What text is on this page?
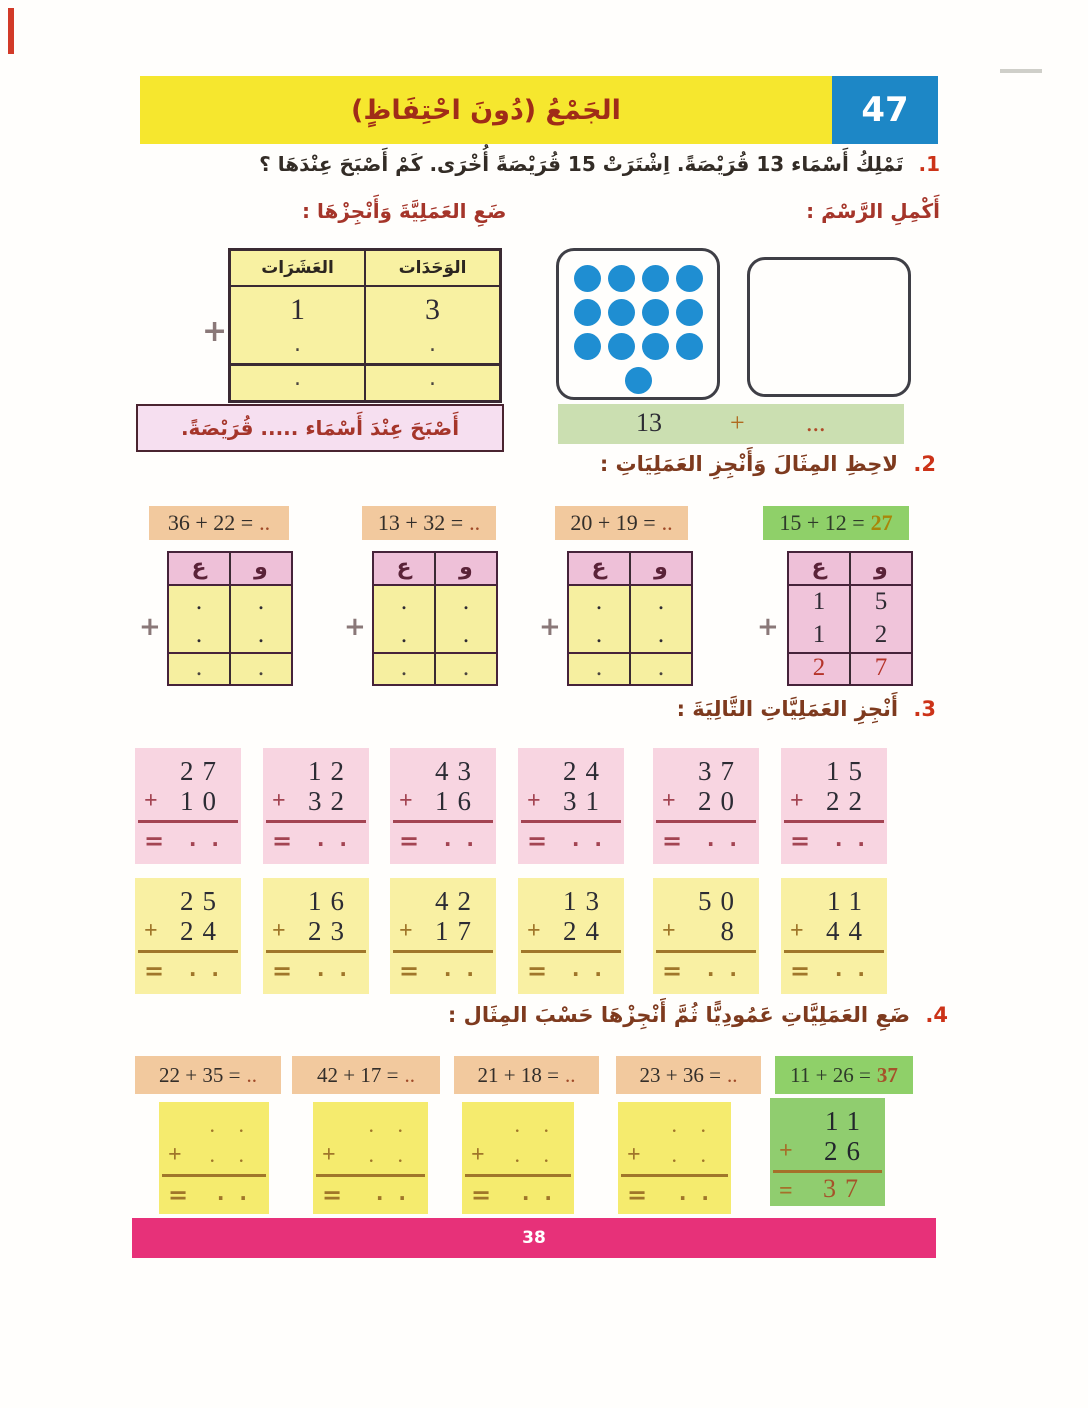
الجَمْعُ (دُونَ احْتِفَاظٍ)	47
1. تَمْلِكُ أَسْمَاء 13 قُرَيْصَةً. اِشْتَرَتْ 15 قُرَيْصَةً أُخْرَى. كَمْ أَصْبَحَ عِنْدَهَا ؟
أَكْمِلِ الرَّسْمَ :
ضَعِ العَمَلِيَّةَ وَأَنْجِزْهَا :
العَشَرَات	الوَحَدَات
1	3
.	.
.	.
+
13	+ ...
أَصْبَحَ عِنْدَ أَسْمَاء ..... قُرَيْصَةً.
2. لاحِظِ المِثَالَ وَأَنْجِزِ العَمَلِيَاتِ :
36 + 22 = ..	13 + 32 = ..	20 + 19 = ..	15 + 12 = 27
ع	و
.	.
.	.
.	.
+
ع	و
.	.
.	.
.	.
+
ع	و
.	.
.	.
.	.
+
ع	و
1	5
1	2
2	7
+
3. أَنْجِزِ العَمَلِيَّاتِ التَّالِيَةَ :
27
+ 10
= . .
12
+ 32
= . .
43
+ 16
= . .
24
+ 31
= . .
37
+ 20
= . .
15
+ 22
= . .
25
+ 24
= . .
16
+ 23
= . .
42
+ 17
= . .
13
+ 24
= . .
50
+ 8
= . .
11
+ 44
= . .
4. ضَعِ العَمَلِيَّاتِ عَمُودِيًّا ثُمَّ أَنْجِزْهَا حَسْبَ المِثَال :
22 + 35 = ..	42 + 17 = ..	21 + 18 = ..	23 + 36 = ..	11 + 26 = 37
. .
+ . .
= . .
. .
+ . .
= . .
. .
+ . .
= . .
. .
+ . .
= . .
11
+ 26
= 37
38
